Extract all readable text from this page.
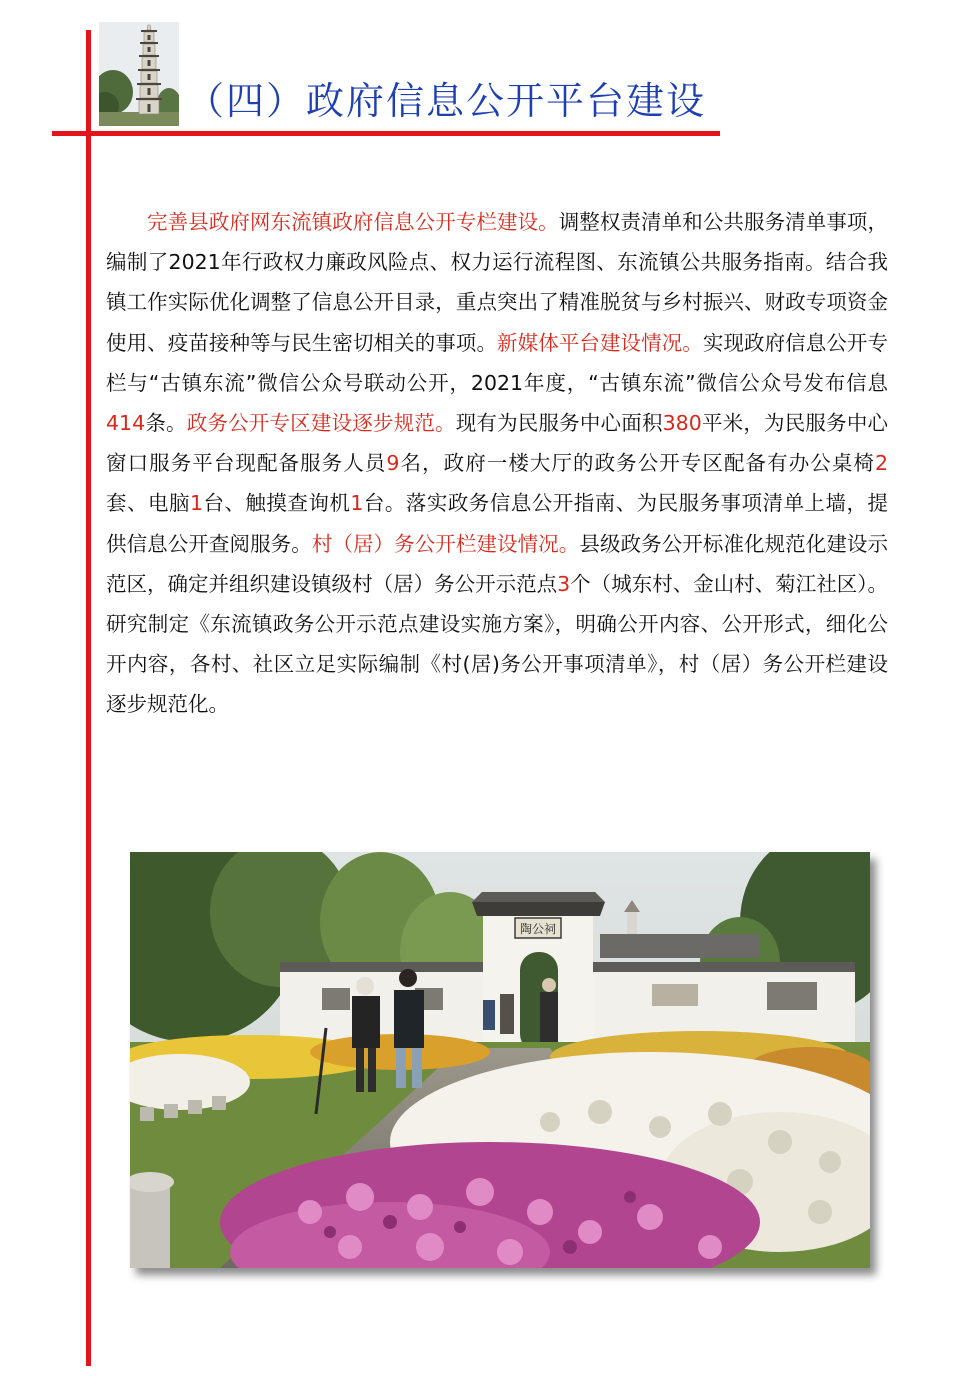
（四）政府信息公开平台建设

完善县政府网东流镇政府信息公开专栏建设。调整权责清单和公共服务清单事项，编制了2021年行政权力廉政风险点、权力运行流程图、东流镇公共服务指南。结合我镇工作实际优化调整了信息公开目录，重点突出了精准脱贫与乡村振兴、财政专项资金使用、疫苗接种等与民生密切相关的事项。新媒体平台建设情况。实现政府信息公开专栏与“古镇东流”微信公众号联动公开，2021年度，“古镇东流”微信公众号发布信息414条。政务公开专区建设逐步规范。现有为民服务中心面积380平米，为民服务中心窗口服务平台现配备服务人员9名，政府一楼大厅的政务公开专区配备有办公桌椅2套、电脑1台、触摸查询机1台。落实政务信息公开指南、为民服务事项清单上墙，提供信息公开查阅服务。村（居）务公开栏建设情况。县级政务公开标准化规范化建设示范区，确定并组织建设镇级村（居）务公开示范点3个（城东村、金山村、菊江社区）。研究制定《东流镇政务公开示范点建设实施方案》，明确公开内容、公开形式，细化公开内容，各村、社区立足实际编制《村(居)务公开事项清单》，村（居）务公开栏建设逐步规范化。

陶公祠
